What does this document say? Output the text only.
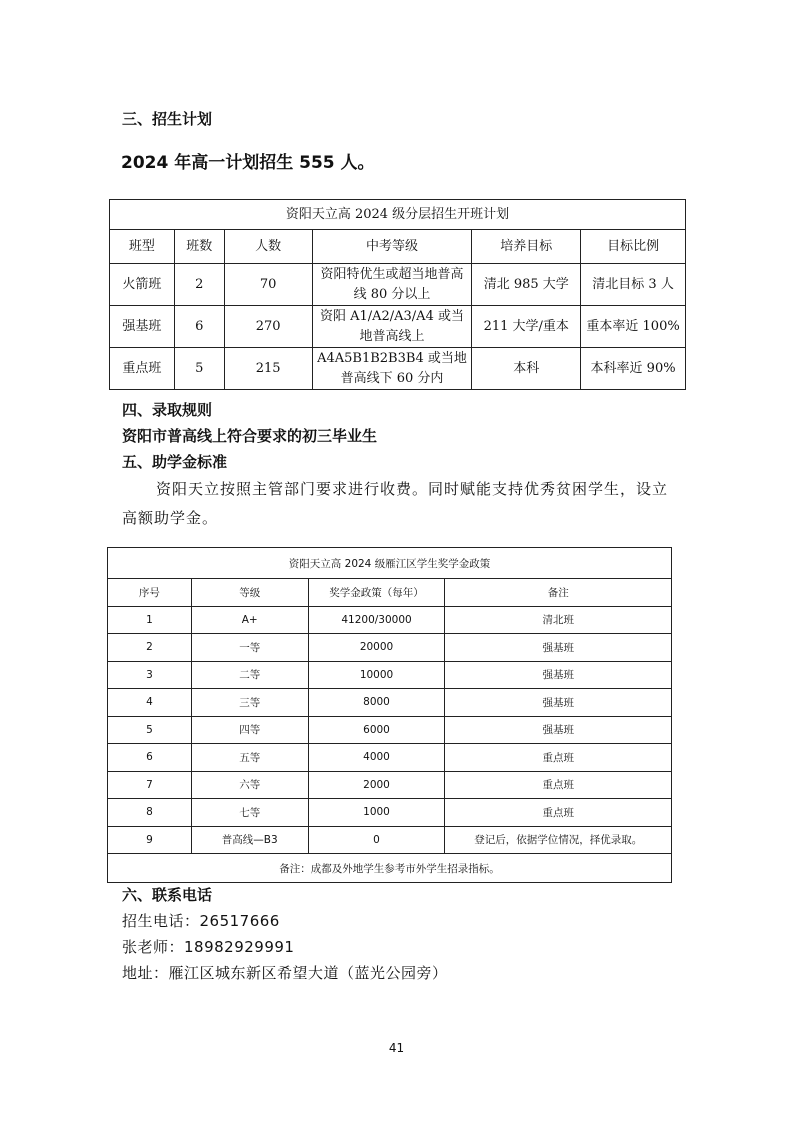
三、招生计划
2024 年高一计划招生 555 人。
资阳天立高 2024 级分层招生开班计划					
班型	班数	人数	中考等级	培养目标	目标比例
火箭班	2	70	资阳特优生或超当地普高线 80 分以上	清北 985 大学	清北目标 3 人
强基班	6	270	资阳 A1/A2/A3/A4 或当地普高线上	211 大学/重本	重本率近 100%
重点班	5	215	A4A5B1B2B3B4 或当地普高线下 60 分内	本科	本科率近 90%
四、录取规则
资阳市普高线上符合要求的初三毕业生
五、助学金标准
资阳天立按照主管部门要求进行收费。同时赋能支持优秀贫困学生，设立高额助学金。
资阳天立高 2024 级雁江区学生奖学金政策			
序号	等级	奖学金政策（每年）	备注
1	A+	41200/30000	清北班
2	一等	20000	强基班
3	二等	10000	强基班
4	三等	8000	强基班
5	四等	6000	强基班
6	五等	4000	重点班
7	六等	2000	重点班
8	七等	1000	重点班
9	普高线—B3	0	登记后，依据学位情况，择优录取。
备注：成都及外地学生参考市外学生招录指标。			
六、联系电话
招生电话：26517666
张老师：18982929991
地址：雁江区城东新区希望大道（蓝光公园旁）
41
